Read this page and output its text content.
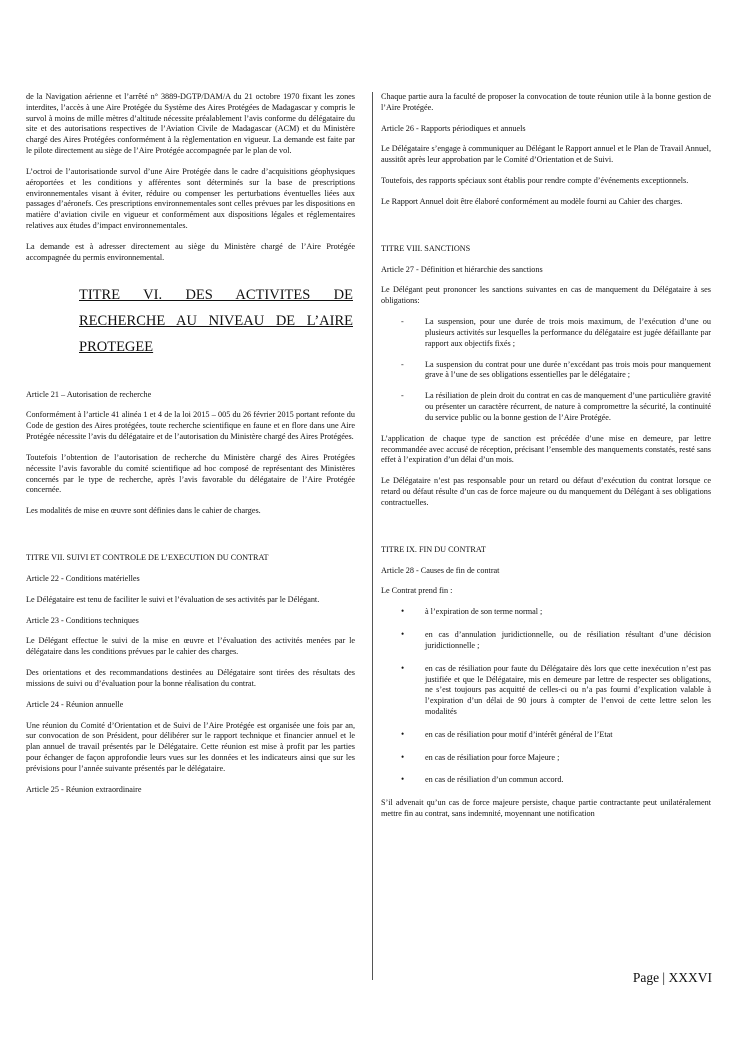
de la Navigation aérienne et l’arrêté n° 3889-DGTP/DAM/A du 21 octobre 1970 fixant les zones interdites, l’accès à une Aire Protégée du Système des Aires Protégées de Madagascar y compris le survol à moins de mille mètres d’altitude nécessite préalablement l’avis conforme du délégataire du site et des autorisations respectives de l’Aviation Civile de Madagascar (ACM) et du Ministère chargé des Aires Protégées conformément à la règlementation en vigueur. La demande est faite par le pilote directement au siège de l’Aire Protégée accompagnée par le plan de vol.

L’octroi de l’autorisationde survol d’une Aire Protégée dans le cadre d’acquisitions géophysiques aéroportées et les conditions y afférentes sont déterminés sur la base de prescriptions environnementales visant à éviter, réduire ou compenser les perturbations éventuelles liées aux passages d’aéronefs. Ces prescriptions environnementales sont celles prévues par les dispositions en matière d’aviation civile en vigueur et conformément aux dispositions légales et réglementaires relatives aux études d’impact environnementales.

La demande est à adresser directement au siège du Ministère chargé de l’Aire Protégée accompagnée du permis environnemental.

TITRE VI. DES ACTIVITES DE RECHERCHE AU NIVEAU DE L’AIRE
PROTEGEE

Article 21 – Autorisation de recherche

Conformément à l’article 41 alinéa 1 et 4 de la loi 2015 – 005 du 26 février 2015 portant refonte du Code de gestion des Aires protégées, toute recherche scientifique en faune et en flore dans une Aire Protégée nécessite l’avis du délégataire et de l’autorisation du Ministère chargé des Aires Protégées.

Toutefois l’obtention de l’autorisation de recherche du Ministère chargé des Aires Protégées nécessite l’avis favorable du comité scientifique ad hoc composé de représentant des Ministères concernés par le type de recherche, après l’avis favorable du délégataire de l’Aire Protégée concernée.

Les modalités de mise en œuvre sont définies dans le cahier de charges.

TITRE VII. SUIVI ET CONTROLE DE L’EXECUTION DU CONTRAT

Article 22 - Conditions matérielles

Le Délégataire est tenu de faciliter le suivi et l’évaluation de ses activités par le Délégant.

Article 23 - Conditions techniques

Le Délégant effectue le suivi de la mise en œuvre et l’évaluation des activités menées par le délégataire dans les conditions prévues par le cahier des charges.

Des orientations et des recommandations destinées au Délégataire sont tirées des résultats des missions de suivi ou d’évaluation pour la bonne réalisation du contrat.

Article 24 - Réunion annuelle

Une réunion du Comité d’Orientation et de Suivi de l’Aire Protégée est organisée une fois par an, sur convocation de son Président, pour délibérer sur le rapport technique et financier annuel et le plan annuel de travail présentés par le Délégataire. Cette réunion est mise à profit par les parties pour échanger de façon approfondie leurs vues sur les données et les indicateurs ainsi que sur les prévisions pour l’année suivante présentés par le délégataire.

Article 25 - Réunion extraordinaire

Chaque partie aura la faculté de proposer la convocation de toute réunion utile à la bonne gestion de l’Aire Protégée.

Article 26 - Rapports périodiques et annuels

Le Délégataire s’engage à communiquer au Délégant le Rapport annuel et le Plan de Travail Annuel, aussitôt après leur approbation par le Comité d’Orientation et de Suivi.

Toutefois, des rapports spéciaux sont établis pour rendre compte d’événements exceptionnels.

Le Rapport Annuel doit être élaboré conformément au modèle fourni au Cahier des charges.

TITRE VIII. SANCTIONS

Article 27 - Définition et hiérarchie des sanctions

Le Délégant peut prononcer les sanctions suivantes en cas de manquement du Délégataire à ses obligations:

-	La suspension, pour une durée de trois mois maximum, de l’exécution d’une ou plusieurs activités sur lesquelles la performance du délégataire est jugée défaillante par rapport aux objectifs fixés ;
-	La suspension du contrat pour une durée n’excédant pas trois mois pour manquement grave à l’une de ses obligations essentielles par le délégataire ;
-	La résiliation de plein droit du contrat en cas de manquement d’une particulière gravité ou présenter un caractère récurrent, de nature à compromettre la sécurité, la continuité du service public ou la bonne gestion de l’Aire Protégée.

L’application de chaque type de sanction est précédée d’une mise en demeure, par lettre recommandée avec accusé de réception, précisant l’ensemble des manquements constatés, resté sans effet à l’expiration d’un délai d’un mois.

Le Délégataire n’est pas responsable pour un retard ou défaut d’exécution du contrat lorsque ce retard ou défaut résulte d’un cas de force majeure ou du manquement du Délégant à ses obligations contractuelles.

TITRE IX. FIN DU CONTRAT

Article 28 - Causes de fin de contrat

Le Contrat prend fin :

•	à l’expiration de son terme normal ;
•	en cas d’annulation juridictionnelle, ou de résiliation résultant d’une décision juridictionnelle ;
•	en cas de résiliation pour faute du Délégataire dès lors que cette inexécution n’est pas justifiée et que le Délégataire, mis en demeure par lettre de respecter ses obligations, ne s’est toujours pas acquitté de celles-ci ou n’a pas fourni d’explication valable à l’expiration d’un délai de 90 jours à compter de l’envoi de cette lettre selon les modalités
•	en cas de résiliation pour motif d’intérêt général de l’Etat
•	en cas de résiliation pour force Majeure ;
•	en cas de résiliation d’un commun accord.

S’il advenait qu’un cas de force majeure persiste, chaque partie contractante peut unilatéralement mettre fin au contrat, sans indemnité, moyennant une notification

Page | XXXVI
